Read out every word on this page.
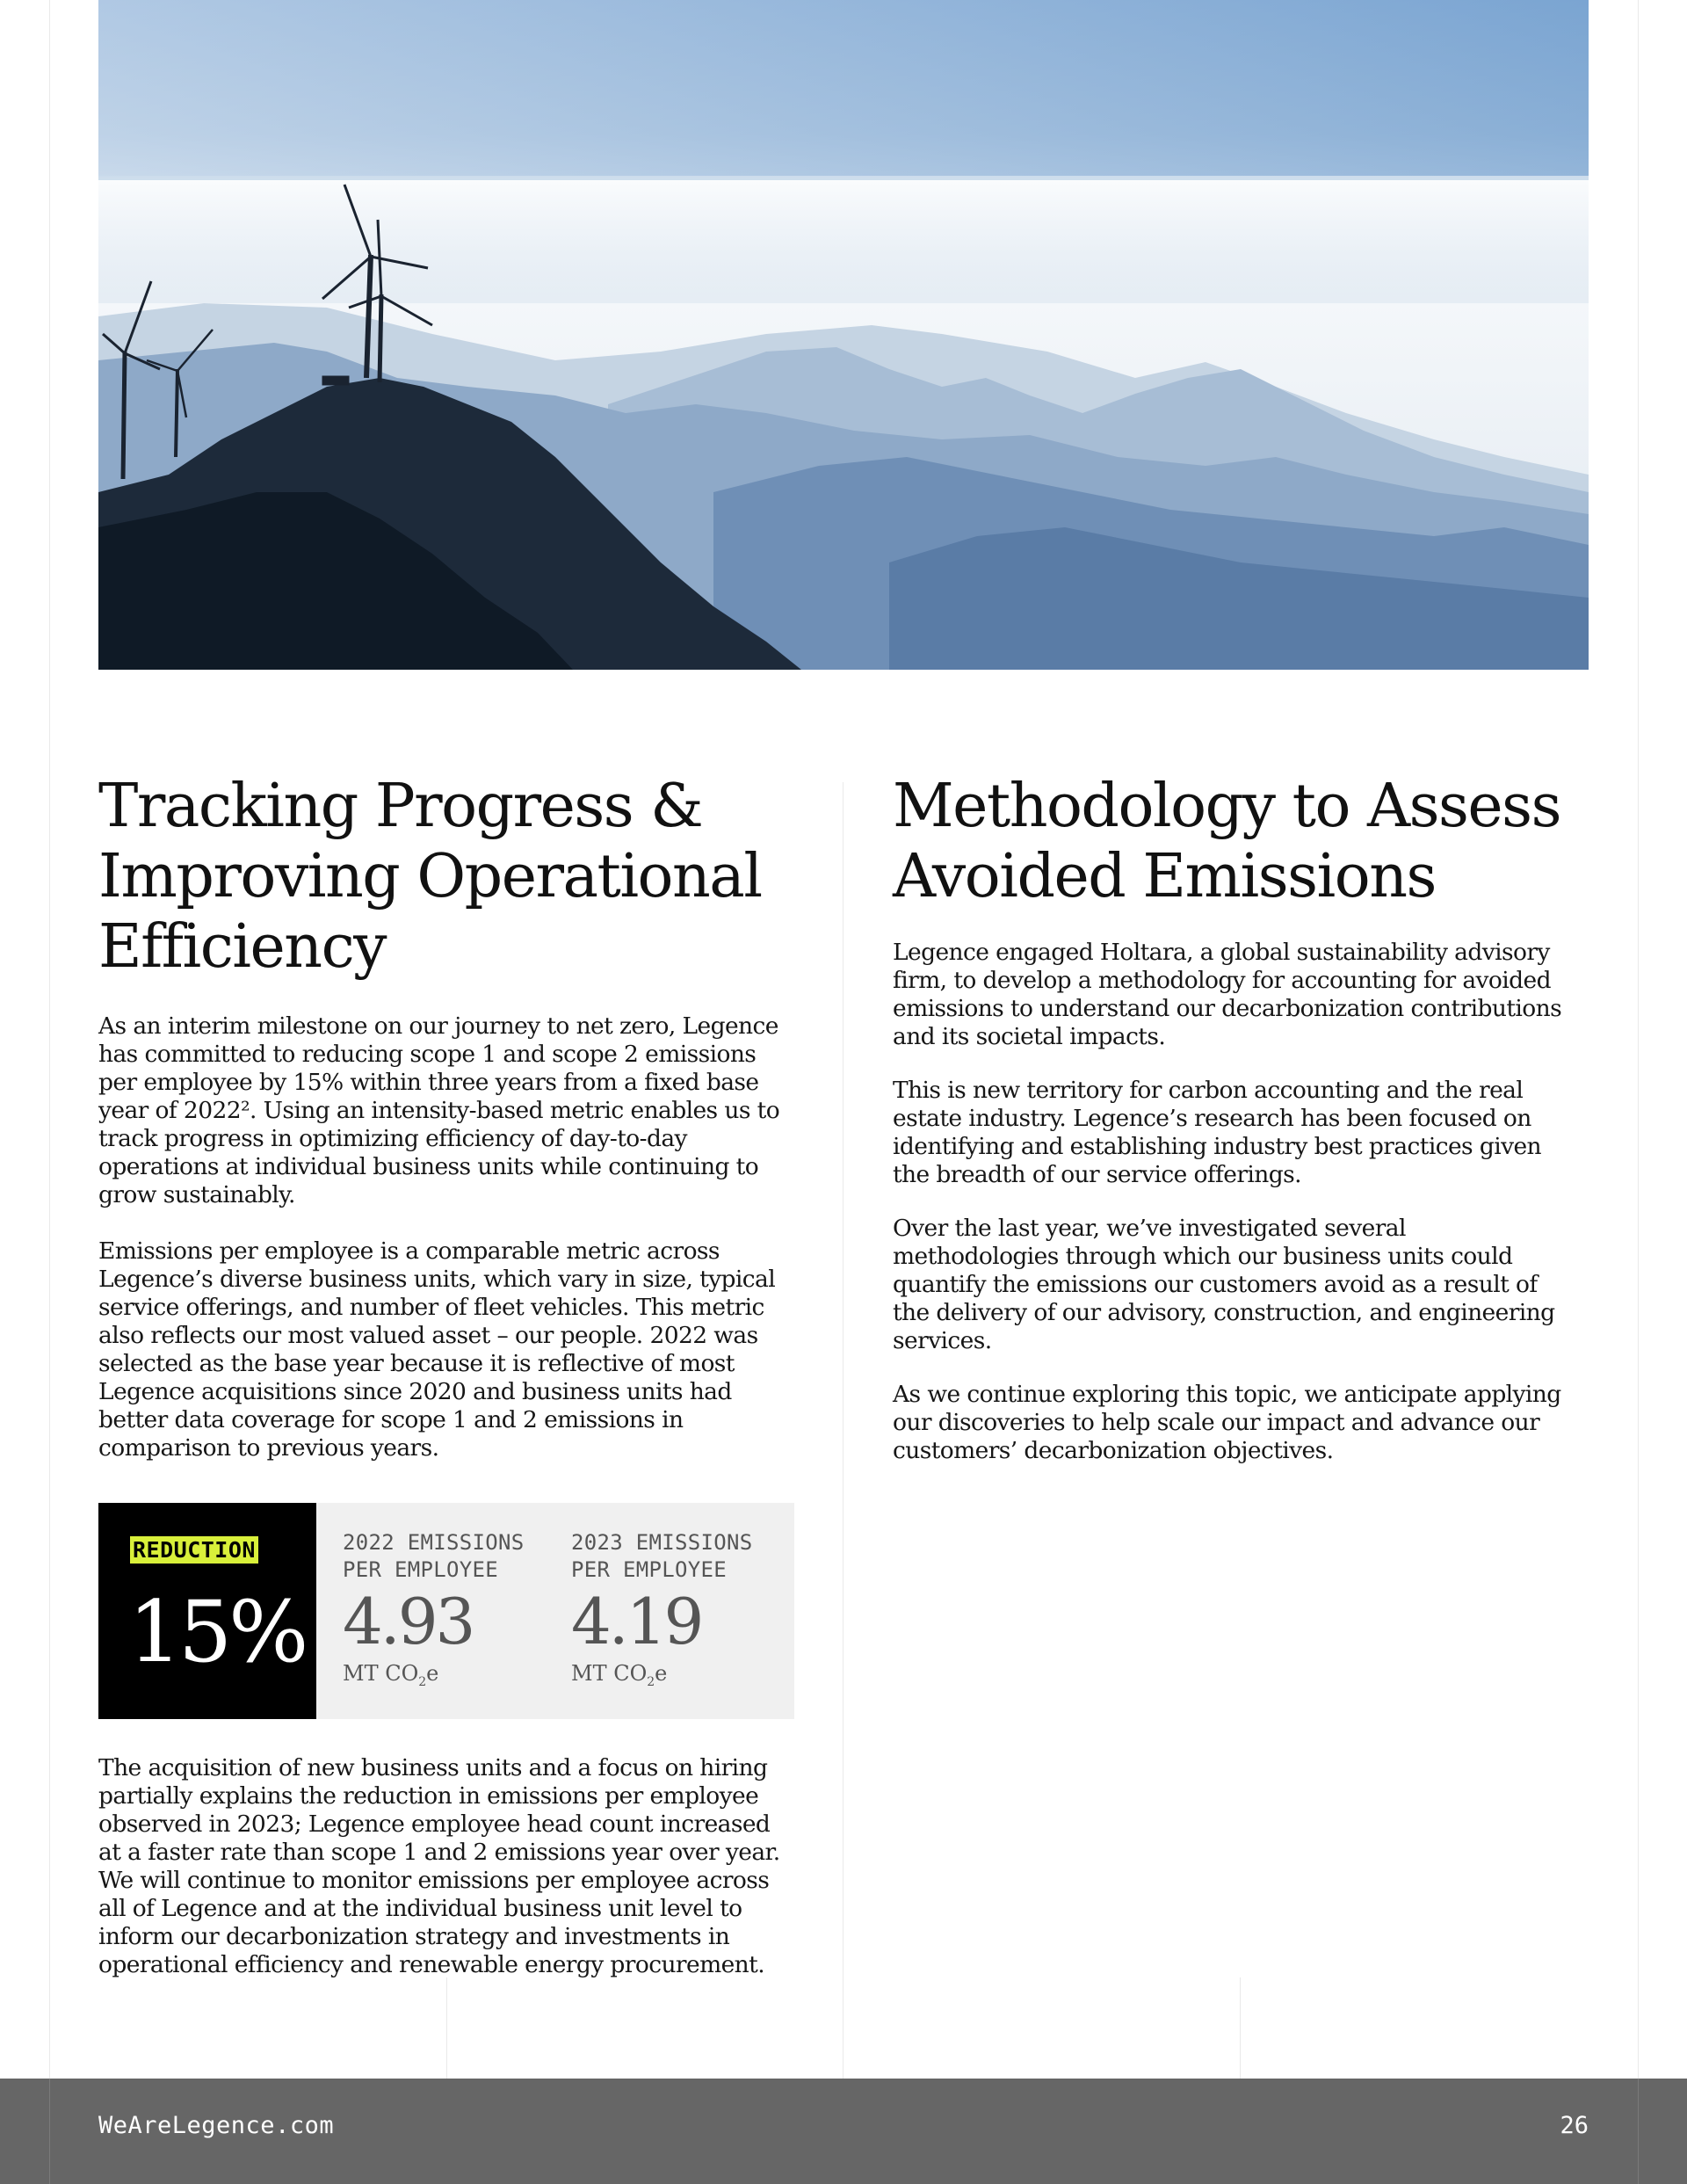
Tracking Progress & Improving Operational Efficiency

As an interim milestone on our journey to net zero, Legence has committed to reducing scope 1 and scope 2 emissions per employee by 15% within three years from a fixed base year of 2022². Using an intensity-based metric enables us to track progress in optimizing efficiency of day-to-day operations at individual business units while continuing to grow sustainably.

Emissions per employee is a comparable metric across Legence’s diverse business units, which vary in size, typical service offerings, and number of fleet vehicles. This metric also reflects our most valued asset – our people. 2022 was selected as the base year because it is reflective of most Legence acquisitions since 2020 and business units had better data coverage for scope 1 and 2 emissions in comparison to previous years.

REDUCTION
15%
2022 EMISSIONS PER EMPLOYEE
4.93
MT $CO_2e$
2023 EMISSIONS PER EMPLOYEE
4.19
MT $CO_2e$

The acquisition of new business units and a focus on hiring partially explains the reduction in emissions per employee observed in 2023; Legence employee head count increased at a faster rate than scope 1 and 2 emissions year over year. We will continue to monitor emissions per employee across all of Legence and at the individual business unit level to inform our decarbonization strategy and investments in operational efficiency and renewable energy procurement.

Methodology to Assess Avoided Emissions

Legence engaged Holtara, a global sustainability advisory firm, to develop a methodology for accounting for avoided emissions to understand our decarbonization contributions and its societal impacts.

This is new territory for carbon accounting and the real estate industry. Legence’s research has been focused on identifying and establishing industry best practices given the breadth of our service offerings.

Over the last year, we’ve investigated several methodologies through which our business units could quantify the emissions our customers avoid as a result of the delivery of our advisory, construction, and engineering services.

As we continue exploring this topic, we anticipate applying our discoveries to help scale our impact and advance our customers’ decarbonization objectives.

WeAreLegence.com	26
